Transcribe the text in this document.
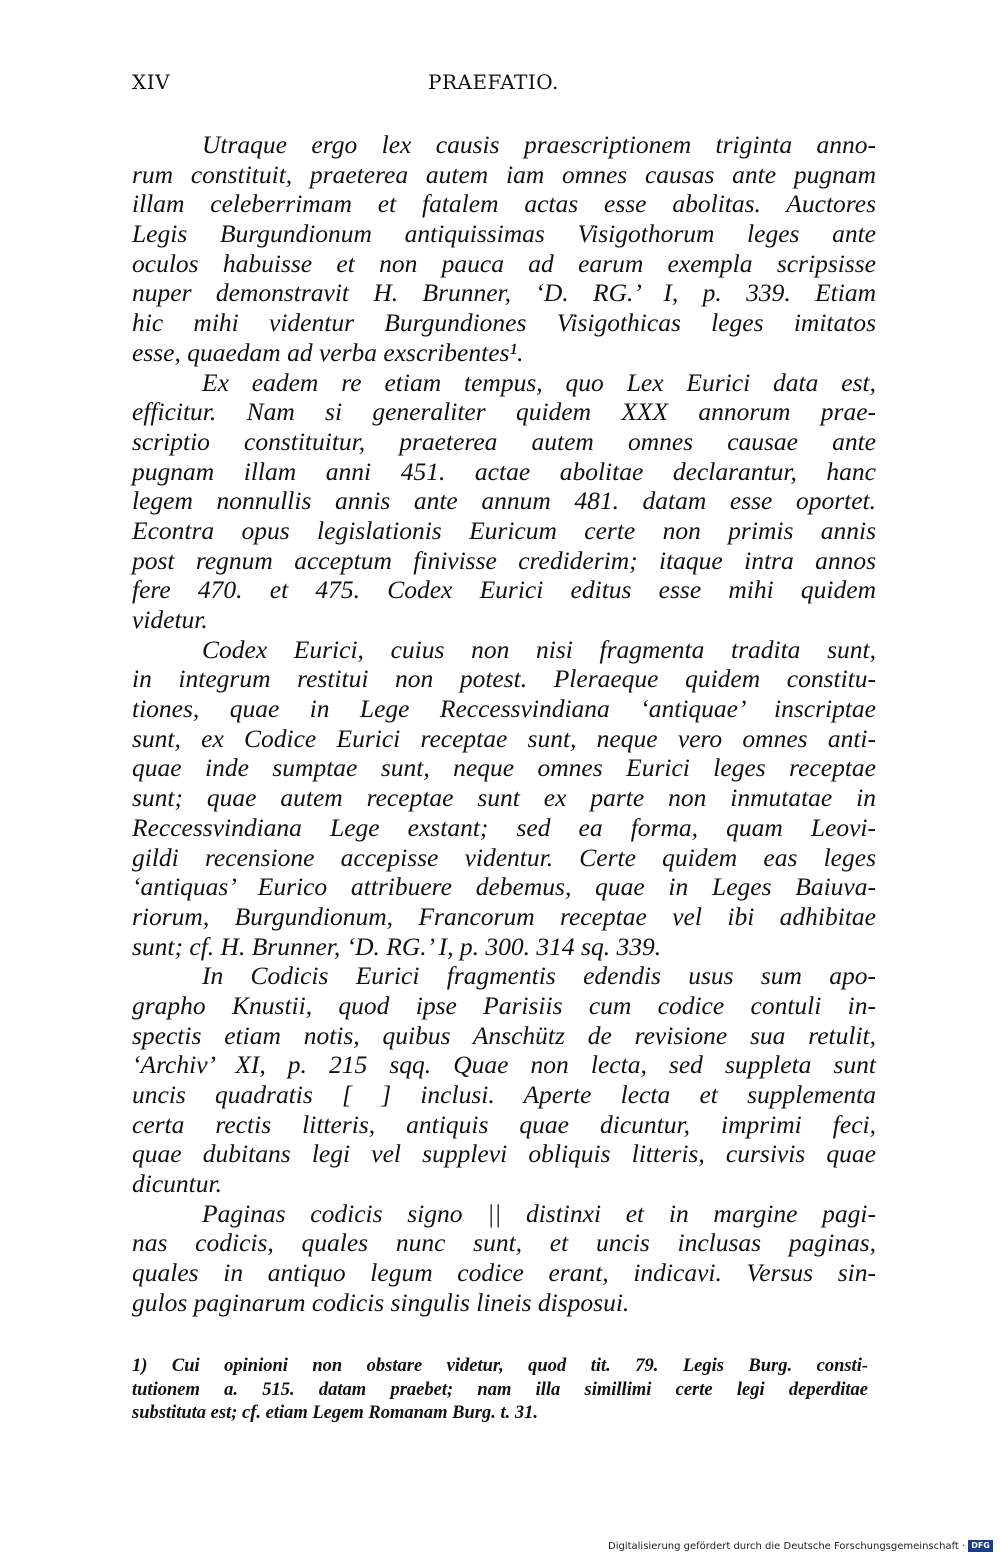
XIV	PRAEFATIO.
Utraque ergo lex causis praescriptionem triginta anno-
rum constituit, praeterea autem iam omnes causas ante pugnam
illam celeberrimam et fatalem actas esse abolitas. Auctores
Legis Burgundionum antiquissimas Visigothorum leges ante
oculos habuisse et non pauca ad earum exempla scripsisse
nuper demonstravit H. Brunner, ‘D. RG.’ I, p. 339. Etiam
hic mihi videntur Burgundiones Visigothicas leges imitatos
esse, quaedam ad verba exscribentes¹.
Ex eadem re etiam tempus, quo Lex Eurici data est,
efficitur. Nam si generaliter quidem XXX annorum prae-
scriptio constituitur, praeterea autem omnes causae ante
pugnam illam anni 451. actae abolitae declarantur, hanc
legem nonnullis annis ante annum 481. datam esse oportet.
Econtra opus legislationis Euricum certe non primis annis
post regnum acceptum finivisse crediderim; itaque intra annos
fere 470. et 475. Codex Eurici editus esse mihi quidem
videtur.
Codex Eurici, cuius non nisi fragmenta tradita sunt,
in integrum restitui non potest. Pleraeque quidem constitu-
tiones, quae in Lege Reccessvindiana ‘antiquae’ inscriptae
sunt, ex Codice Eurici receptae sunt, neque vero omnes anti-
quae inde sumptae sunt, neque omnes Eurici leges receptae
sunt; quae autem receptae sunt ex parte non inmutatae in
Reccessvindiana Lege exstant; sed ea forma, quam Leovi-
gildi recensione accepisse videntur. Certe quidem eas leges
‘antiquas’ Eurico attribuere debemus, quae in Leges Baiuva-
riorum, Burgundionum, Francorum receptae vel ibi adhibitae
sunt; cf. H. Brunner, ‘D. RG.’ I, p. 300. 314 sq. 339.
In Codicis Eurici fragmentis edendis usus sum apo-
grapho Knustii, quod ipse Parisiis cum codice contuli in-
spectis etiam notis, quibus Anschütz de revisione sua retulit,
‘Archiv’ XI, p. 215 sqq. Quae non lecta, sed suppleta sunt
uncis quadratis [ ] inclusi. Aperte lecta et supplementa
certa rectis litteris, antiquis quae dicuntur, imprimi feci,
quae dubitans legi vel supplevi obliquis litteris, cursivis quae
dicuntur.
Paginas codicis signo || distinxi et in margine pagi-
nas codicis, quales nunc sunt, et uncis inclusas paginas,
quales in antiquo legum codice erant, indicavi. Versus sin-
gulos paginarum codicis singulis lineis disposui.
1) Cui opinioni non obstare videtur, quod tit. 79. Legis Burg. consti-
tutionem a. 515. datam praebet; nam illa simillimi certe legi deperditae
substituta est; cf. etiam Legem Romanam Burg. t. 31.
Digitalisierung gefördert durch die Deutsche Forschungsgemeinschaft · DFG
